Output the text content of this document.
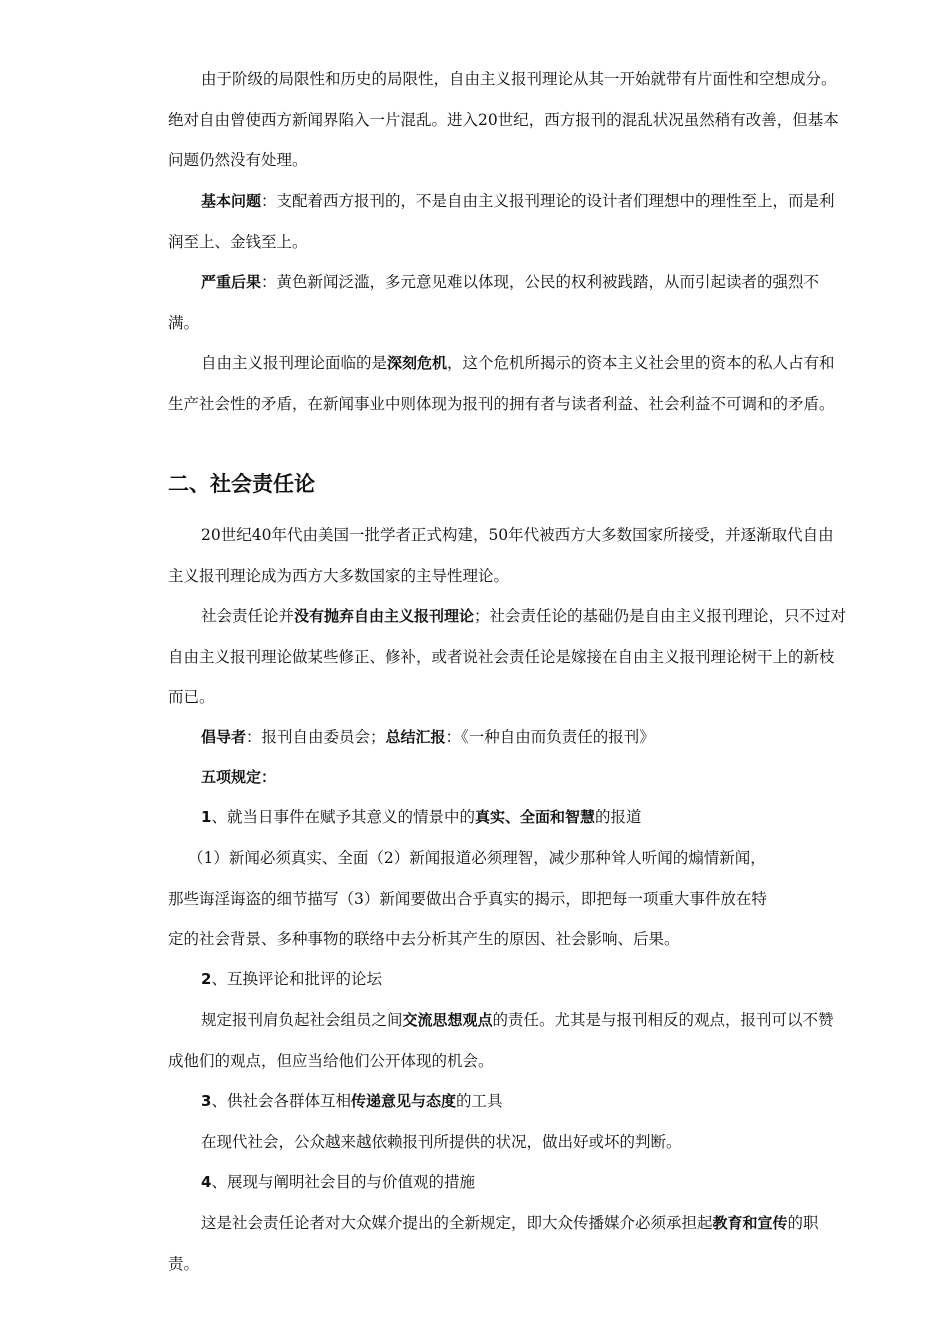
由于阶级的局限性和历史的局限性，自由主义报刊理论从其一开始就带有片面性和空想成分。绝对自由曾使西方新闻界陷入一片混乱。进入20世纪，西方报刊的混乱状况虽然稍有改善，但基本问题仍然没有处理。

基本问题：支配着西方报刊的，不是自由主义报刊理论的设计者们理想中的理性至上，而是利润至上、金钱至上。

严重后果：黄色新闻泛滥，多元意见难以体现，公民的权利被践踏，从而引起读者的强烈不满。

自由主义报刊理论面临的是深刻危机，这个危机所揭示的资本主义社会里的资本的私人占有和生产社会性的矛盾，在新闻事业中则体现为报刊的拥有者与读者利益、社会利益不可调和的矛盾。

二、社会责任论

20世纪40年代由美国一批学者正式构建，50年代被西方大多数国家所接受，并逐渐取代自由主义报刊理论成为西方大多数国家的主导性理论。

社会责任论并没有抛弃自由主义报刊理论；社会责任论的基础仍是自由主义报刊理论，只不过对自由主义报刊理论做某些修正、修补，或者说社会责任论是嫁接在自由主义报刊理论树干上的新枝而已。

倡导者：报刊自由委员会；总结汇报：《一种自由而负责任的报刊》

五项规定：

1、就当日事件在赋予其意义的情景中的真实、全面和智慧的报道

（1）新闻必须真实、全面（2）新闻报道必须理智，减少那种耸人听闻的煽情新闻，

那些诲淫诲盗的细节描写（3）新闻要做出合乎真实的揭示，即把每一项重大事件放在特

定的社会背景、多种事物的联络中去分析其产生的原因、社会影响、后果。

2、互换评论和批评的论坛

规定报刊肩负起社会组员之间交流思想观点的责任。尤其是与报刊相反的观点，报刊可以不赞成他们的观点，但应当给他们公开体现的机会。

3、供社会各群体互相传递意见与态度的工具

在现代社会，公众越来越依赖报刊所提供的状况，做出好或坏的判断。

4、展现与阐明社会目的与价值观的措施

这是社会责任论者对大众媒介提出的全新规定，即大众传播媒介必须承担起教育和宣传的职责。
